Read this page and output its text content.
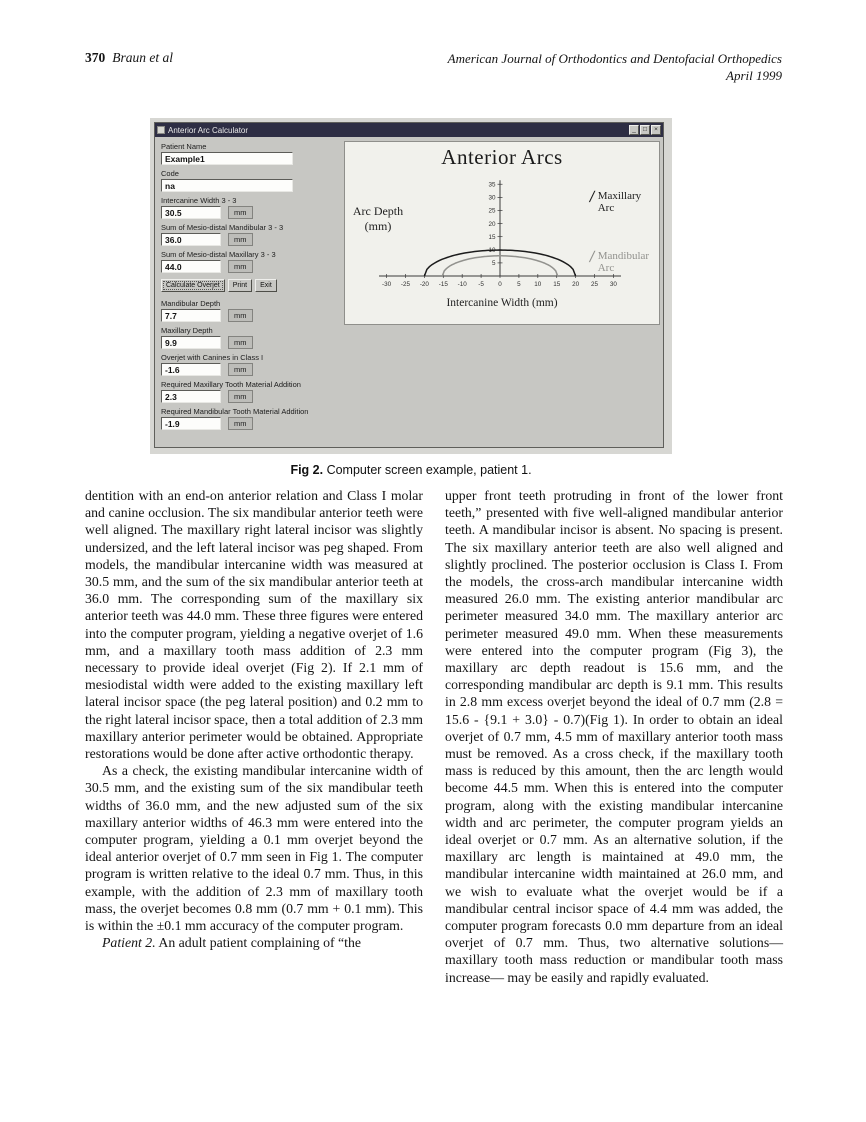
370 Braun et al	American Journal of Orthodontics and Dentofacial Orthopedics
April 1999
Anterior Arc Calculator	_	□	×
Patient Name
Example1
Code
na
Intercanine Width 3 - 3
30.5	mm
Sum of Mesio-distal Mandibular 3 - 3
36.0	mm
Sum of Mesio-distal Maxillary 3 - 3
44.0	mm
Calculate Overjet	Print	Exit
Mandibular Depth
7.7	mm
Maxillary Depth
9.9	mm
Overjet with Canines in Class I
-1.6	mm
Required Maxillary Tooth Material Addition
2.3	mm
Required Mandibular Tooth Material Addition
-1.9	mm
Anterior Arcs
Arc Depth
(mm)
-30 -25 -20 -15 -10 -5 0 5 10 15 20 25 30
5
10
15
20
25
30
35
Intercanine Width (mm)
/ Maxillary Arc
/ Mandibular Arc
Fig 2. Computer screen example, patient 1.

dentition with an end-on anterior relation and Class I molar and canine occlusion. The six mandibular anterior teeth were well aligned. The maxillary right lateral incisor was slightly undersized, and the left lateral incisor was peg shaped. From models, the mandibular intercanine width was measured at 30.5 mm, and the sum of the six mandibular anterior teeth at 36.0 mm. The corresponding sum of the maxillary six anterior teeth was 44.0 mm. These three figures were entered into the computer program, yielding a negative overjet of 1.6 mm, and a maxillary tooth mass addition of 2.3 mm necessary to provide ideal overjet (Fig 2). If 2.1 mm of mesiodistal width were added to the existing maxillary left lateral incisor space (the peg lateral position) and 0.2 mm to the right lateral incisor space, then a total addition of 2.3 mm maxillary anterior perimeter would be obtained. Appropriate restorations would be done after active orthodontic therapy.

As a check, the existing mandibular intercanine width of 30.5 mm, and the existing sum of the six mandibular teeth widths of 36.0 mm, and the new adjusted sum of the six maxillary anterior widths of 46.3 mm were entered into the computer program, yielding a 0.1 mm overjet beyond the ideal anterior overjet of 0.7 mm seen in Fig 1. The computer program is written relative to the ideal 0.7 mm. Thus, in this example, with the addition of 2.3 mm of maxillary tooth mass, the overjet becomes 0.8 mm (0.7 mm + 0.1 mm). This is within the ±0.1 mm accuracy of the computer program.

Patient 2. An adult patient complaining of “the

upper front teeth protruding in front of the lower front teeth,” presented with five well-aligned mandibular anterior teeth. A mandibular incisor is absent. No spacing is present. The six maxillary anterior teeth are also well aligned and slightly proclined. The posterior occlusion is Class I. From the models, the cross-arch mandibular intercanine width measured 26.0 mm. The existing anterior mandibular arc perimeter measured 34.0 mm. The maxillary anterior arc perimeter measured 49.0 mm. When these measurements were entered into the computer program (Fig 3), the maxillary arc depth readout is 15.6 mm, and the corresponding mandibular arc depth is 9.1 mm. This results in 2.8 mm excess overjet beyond the ideal of 0.7 mm (2.8 = 15.6 - {9.1 + 3.0} - 0.7)(Fig 1). In order to obtain an ideal overjet of 0.7 mm, 4.5 mm of maxillary anterior tooth mass must be removed. As a cross check, if the maxillary tooth mass is reduced by this amount, then the arc length would become 44.5 mm. When this is entered into the computer program, along with the existing mandibular intercanine width and arc perimeter, the computer program yields an ideal overjet or 0.7 mm. As an alternative solution, if the maxillary arc length is maintained at 49.0 mm, the mandibular intercanine width maintained at 26.0 mm, and we wish to evaluate what the overjet would be if a mandibular central incisor space of 4.4 mm was added, the computer program forecasts 0.0 mm departure from an ideal overjet of 0.7 mm. Thus, two alternative solutions—maxillary tooth mass reduction or mandibular tooth mass increase— may be easily and rapidly evaluated.
